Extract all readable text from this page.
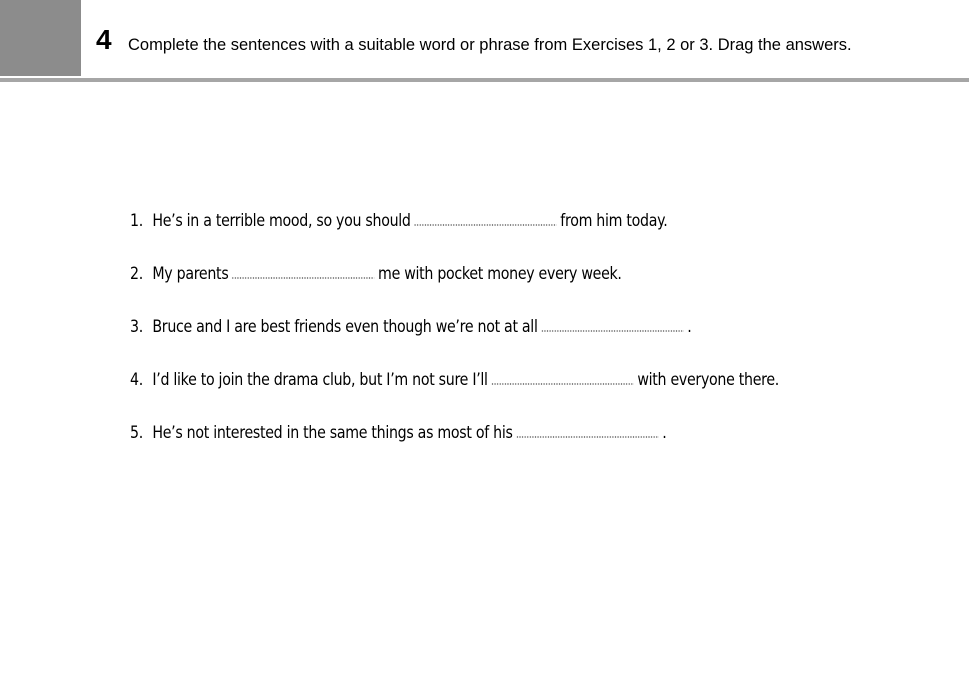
4 Complete the sentences with a suitable word or phrase from Exercises 1, 2 or 3. Drag the answers.
1. He’s in a terrible mood, so you should	from him today.
2. My parents	me with pocket money every week.
3. Bruce and I are best friends even though we’re not at all	.
4. I’d like to join the drama club, but I’m not sure I’ll	with everyone there.
5. He’s not interested in the same things as most of his	.
